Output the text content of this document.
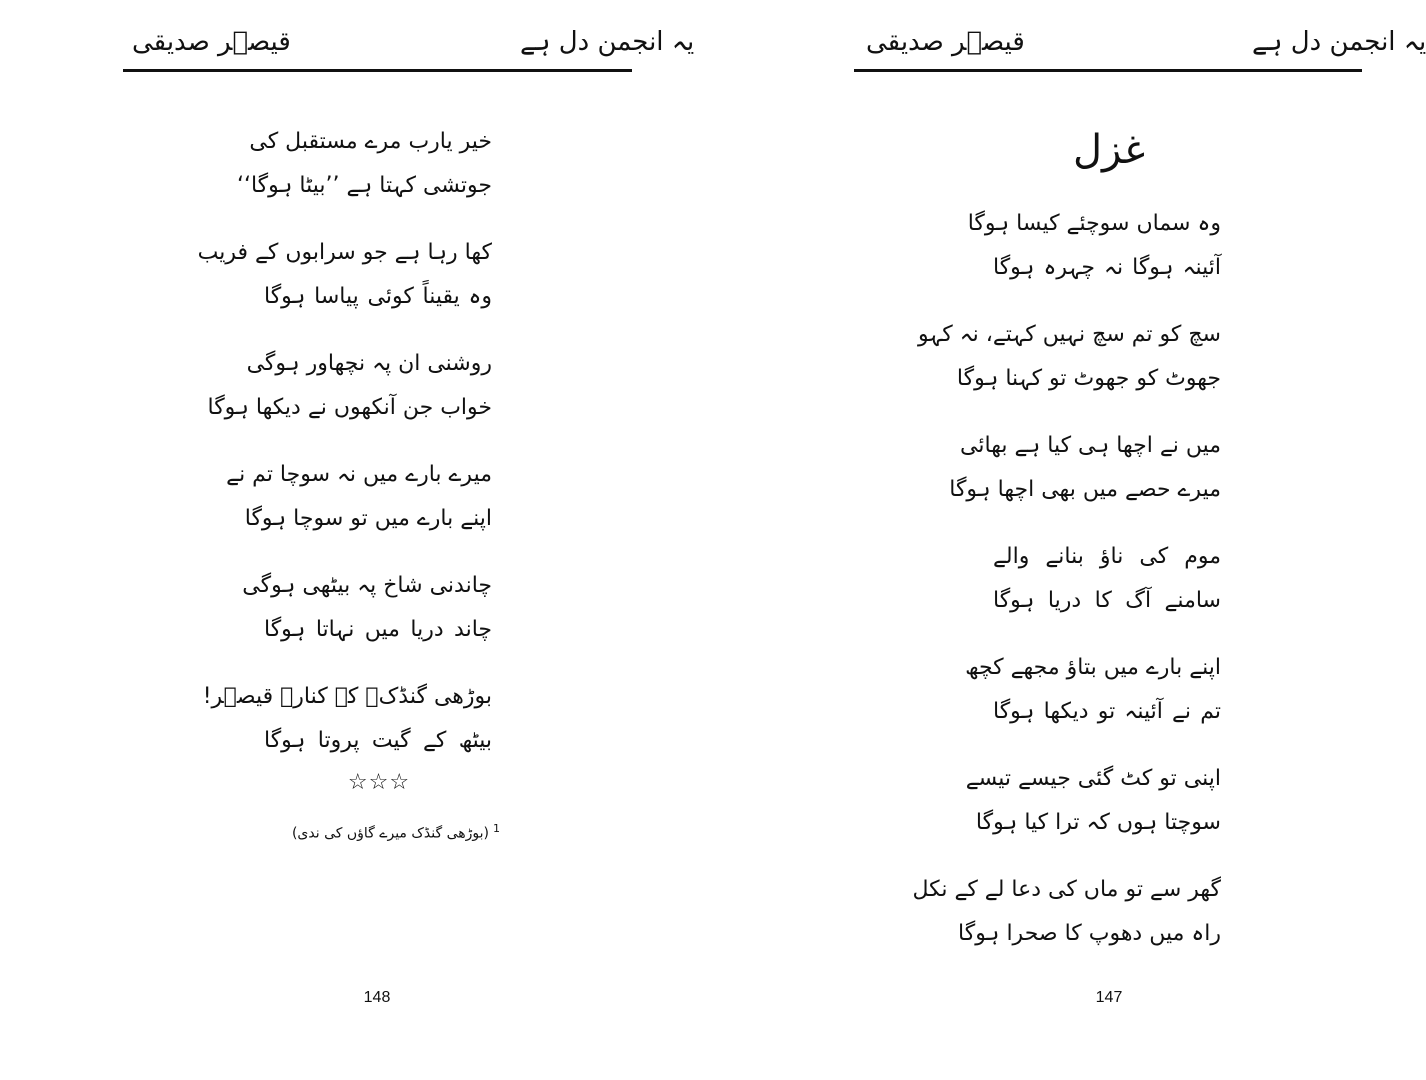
قیصؔر صدیقی	یہ انجمن دل ہے
خیر یارب مرے مستقبل کی
جوتشی کہتا ہے ’’بیٹا ہوگا‘‘
کھا رہا ہے جو سرابوں کے فریب
وہ یقیناً کوئی پیاسا ہوگا
روشنی ان پہ نچھاور ہوگی
خواب جن آنکھوں نے دیکھا ہوگا
میرے بارے میں نہ سوچا تم نے
اپنے بارے میں تو سوچا ہوگا
چاندنی شاخ پہ بیٹھی ہوگی
چاند دریا میں نہاتا ہوگا
بوڑھی گنڈکؔ کے کنارے قیصؔر!
بیٹھ کے گیت پروتا ہوگا
☆☆☆
$^1$(بوڑھی گنڈک میرے گاؤں کی ندی)
148
قیصؔر صدیقی	یہ انجمن دل ہے
147
غزل
وہ سماں سوچئے کیسا ہوگا
آئینہ ہوگا نہ چہرہ ہوگا
سچ کو تم سچ نہیں کہتے، نہ کہو
جھوٹ کو جھوٹ تو کہنا ہوگا
میں نے اچھا ہی کیا ہے بھائی
میرے حصے میں بھی اچھا ہوگا
موم کی ناؤ بنانے والے
سامنے آگ کا دریا ہوگا
اپنے بارے میں بتاؤ مجھے کچھ
تم نے آئینہ تو دیکھا ہوگا
اپنی تو کٹ گئی جیسے تیسے
سوچتا ہوں کہ ترا کیا ہوگا
گھر سے تو ماں کی دعا لے کے نکل
راہ میں دھوپ کا صحرا ہوگا
